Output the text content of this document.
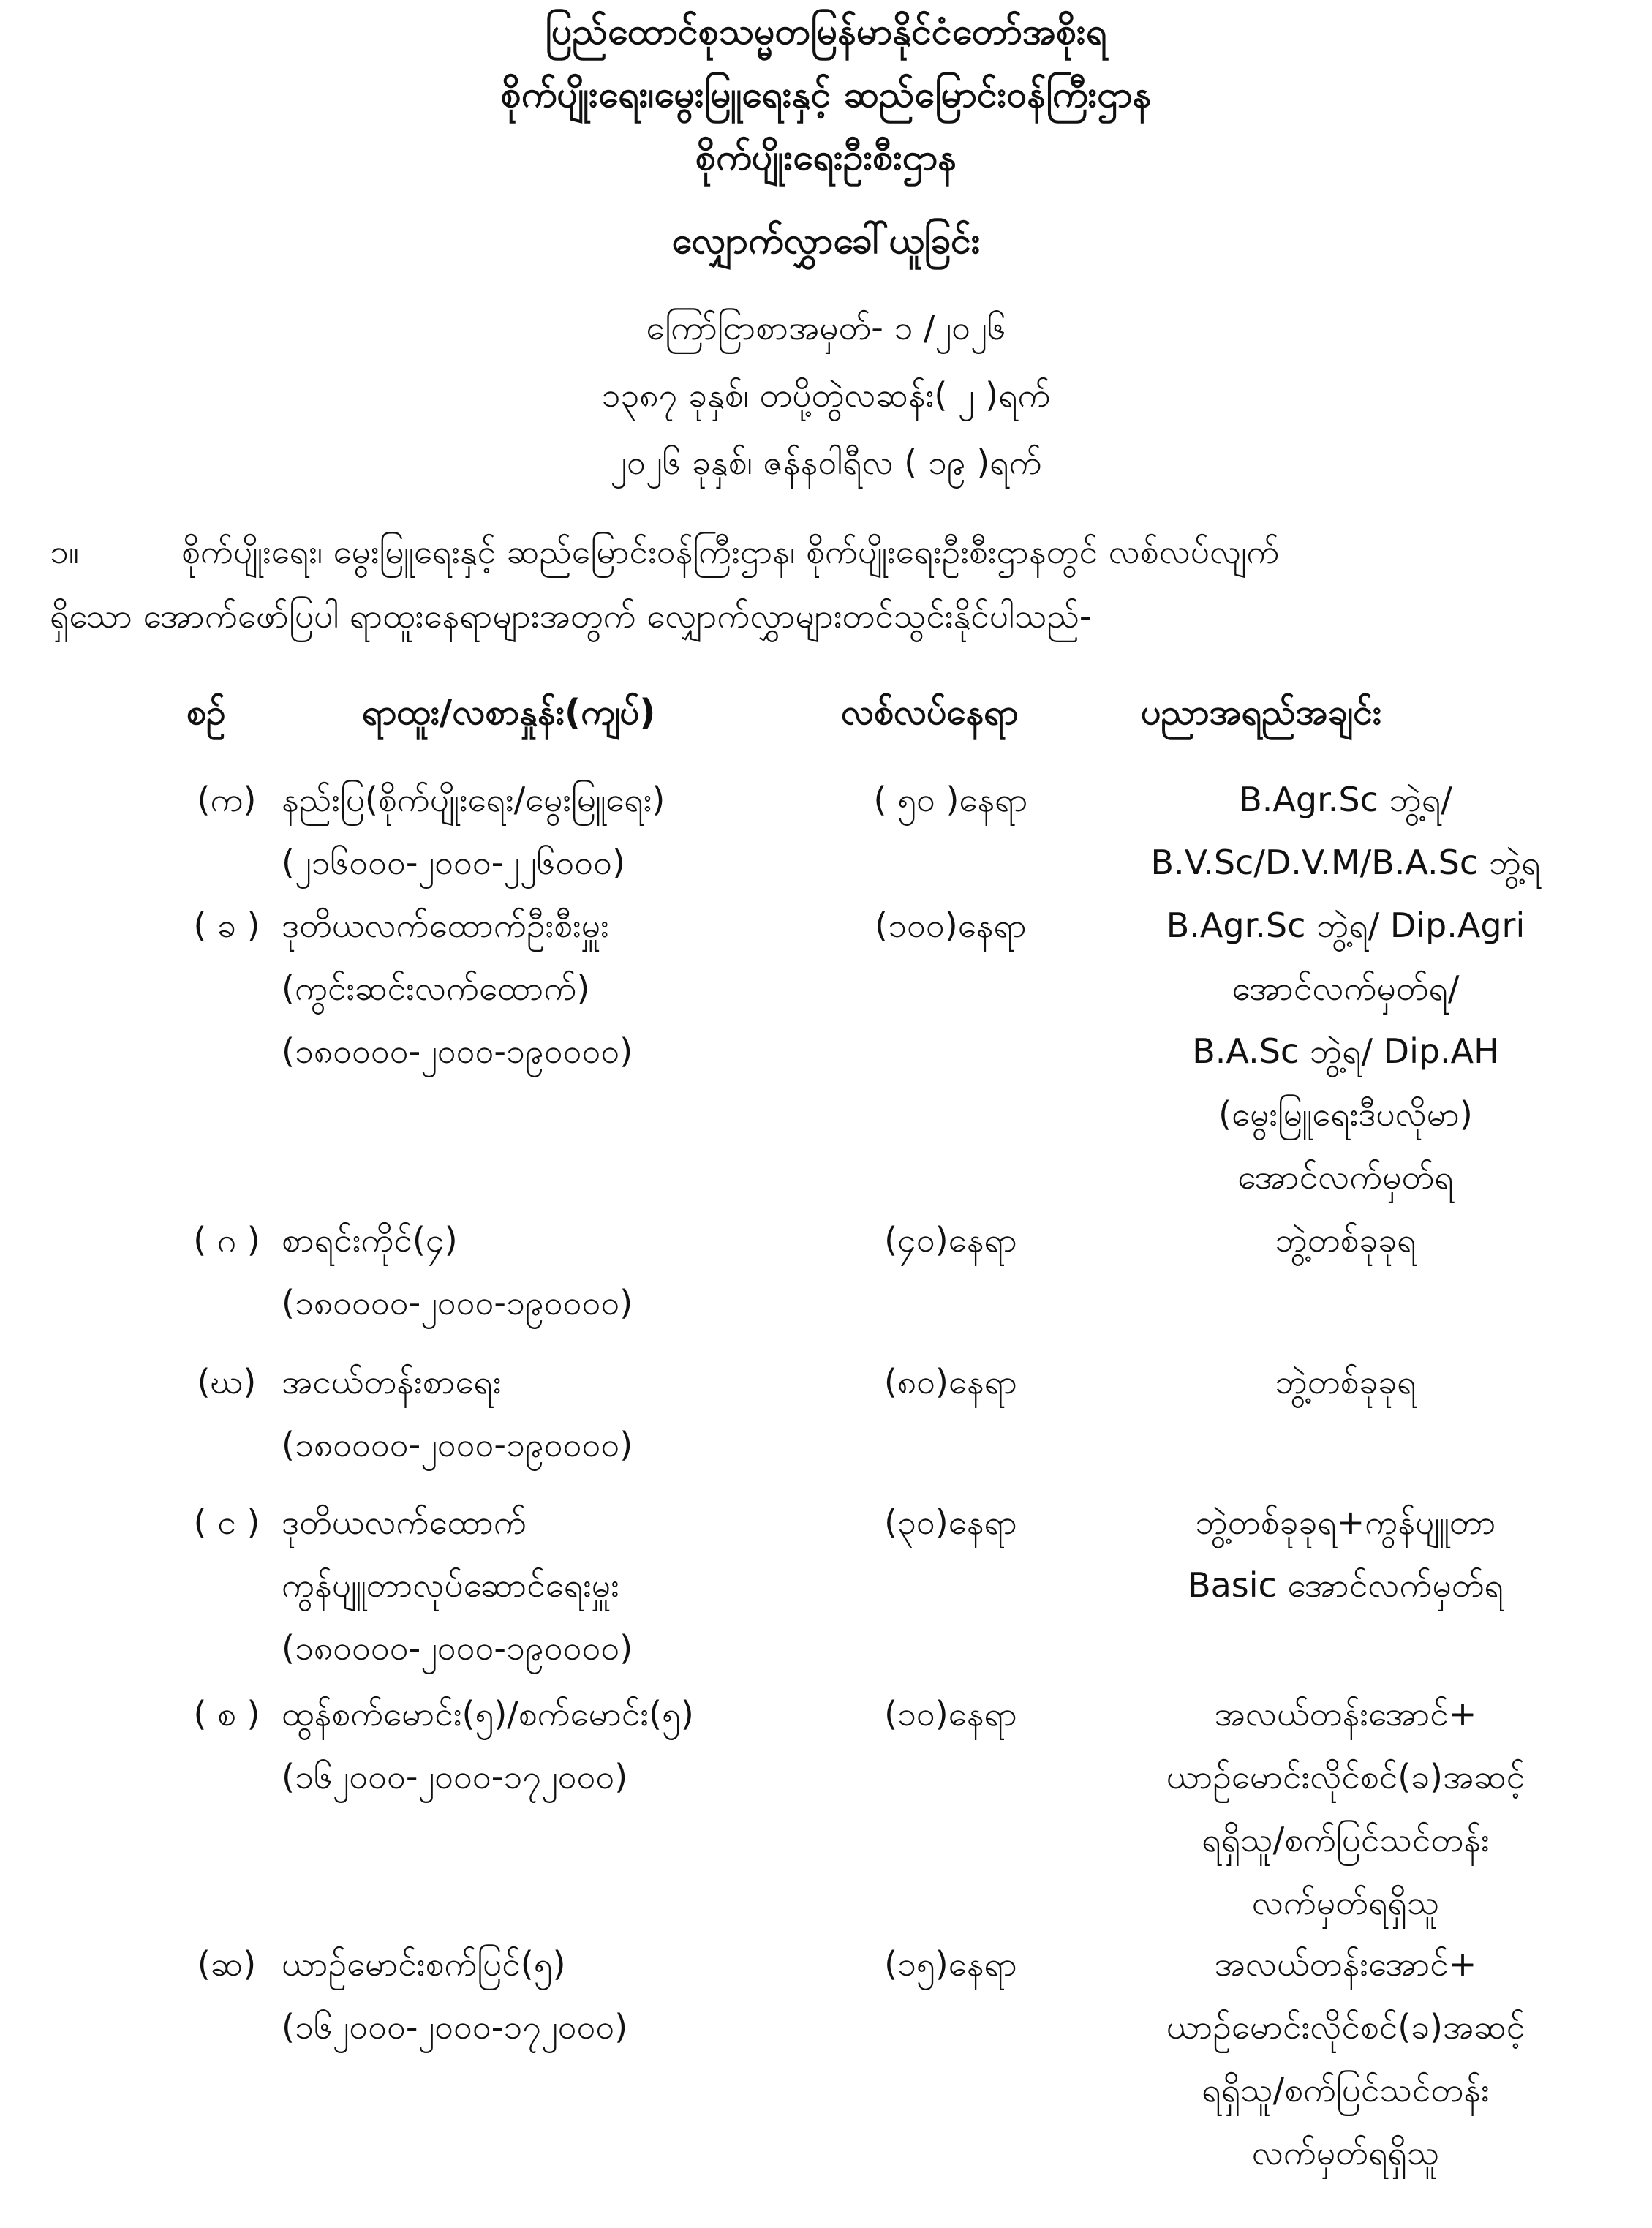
ပြည်ထောင်စုသမ္မတမြန်မာနိုင်ငံတော်အစိုးရ
စိုက်ပျိုးရေး၊မွေးမြူရေးနှင့် ဆည်မြောင်းဝန်ကြီးဌာန
စိုက်ပျိုးရေးဦးစီးဌာန
လျှောက်လွှာခေါ်ယူခြင်း
ကြော်ငြာစာအမှတ်- ၁ /၂၀၂၆
၁၃၈၇ ခုနှစ်၊ တပို့တွဲလဆန်း( ၂ )ရက်
၂၀၂၆ ခုနှစ်၊ ဇန်နဝါရီလ ( ၁၉ )ရက်
၁။	စိုက်ပျိုးရေး၊ မွေးမြူရေးနှင့် ဆည်မြောင်းဝန်ကြီးဌာန၊ စိုက်ပျိုးရေးဦးစီးဌာနတွင် လစ်လပ်လျက်
ရှိသော အောက်ဖော်ပြပါ ရာထူးနေရာများအတွက် လျှောက်လွှာများတင်သွင်းနိုင်ပါသည်-
စဉ်	ရာထူး/လစာနှုန်း(ကျပ်)	လစ်လပ်နေရာ	ပညာအရည်အချင်း
(က) နည်းပြ(စိုက်ပျိုးရေး/မွေးမြူရေး)
(၂၁၆၀၀၀-၂၀၀၀-၂၂၆၀၀၀)
( ၅၀ )နေရာ	B.Agr.Sc ဘွဲ့ရ/
B.V.Sc/D.V.M/B.A.Sc ဘွဲ့ရ
( ခ ) ဒုတိယလက်ထောက်ဦးစီးမှူး
(ကွင်းဆင်းလက်ထောက်)
(၁၈၀၀၀၀-၂၀၀၀-၁၉၀၀၀၀)
(၁၀၀)နေရာ	B.Agr.Sc ဘွဲ့ရ/ Dip.Agri
အောင်လက်မှတ်ရ/
B.A.Sc ဘွဲ့ရ/ Dip.AH
(မွေးမြူရေးဒီပလိုမာ)
အောင်လက်မှတ်ရ
( ဂ ) စာရင်းကိုင်(၄)
(၁၈၀၀၀၀-၂၀၀၀-၁၉၀၀၀၀)
(၄၀)နေရာ	ဘွဲ့တစ်ခုခုရ
(ဃ) အငယ်တန်းစာရေး
(၁၈၀၀၀၀-၂၀၀၀-၁၉၀၀၀၀)
(၈၀)နေရာ	ဘွဲ့တစ်ခုခုရ
( င ) ဒုတိယလက်ထောက်
ကွန်ပျူတာလုပ်ဆောင်ရေးမှူး
(၁၈၀၀၀၀-၂၀၀၀-၁၉၀၀၀၀)
(၃၀)နေရာ	ဘွဲ့တစ်ခုခုရ+ကွန်ပျူတာ
Basic အောင်လက်မှတ်ရ
( စ ) ထွန်စက်မောင်း(၅)/စက်မောင်း(၅)
(၁၆၂၀၀၀-၂၀၀၀-၁၇၂၀၀၀)
(၁၀)နေရာ	အလယ်တန်းအောင်+
ယာဉ်မောင်းလိုင်စင်(ခ)အဆင့်
ရရှိသူ/စက်ပြင်သင်တန်း
လက်မှတ်ရရှိသူ
(ဆ) ယာဉ်မောင်းစက်ပြင်(၅)
(၁၆၂၀၀၀-၂၀၀၀-၁၇၂၀၀၀)
(၁၅)နေရာ	အလယ်တန်းအောင်+
ယာဉ်မောင်းလိုင်စင်(ခ)အဆင့်
ရရှိသူ/စက်ပြင်သင်တန်း
လက်မှတ်ရရှိသူ
